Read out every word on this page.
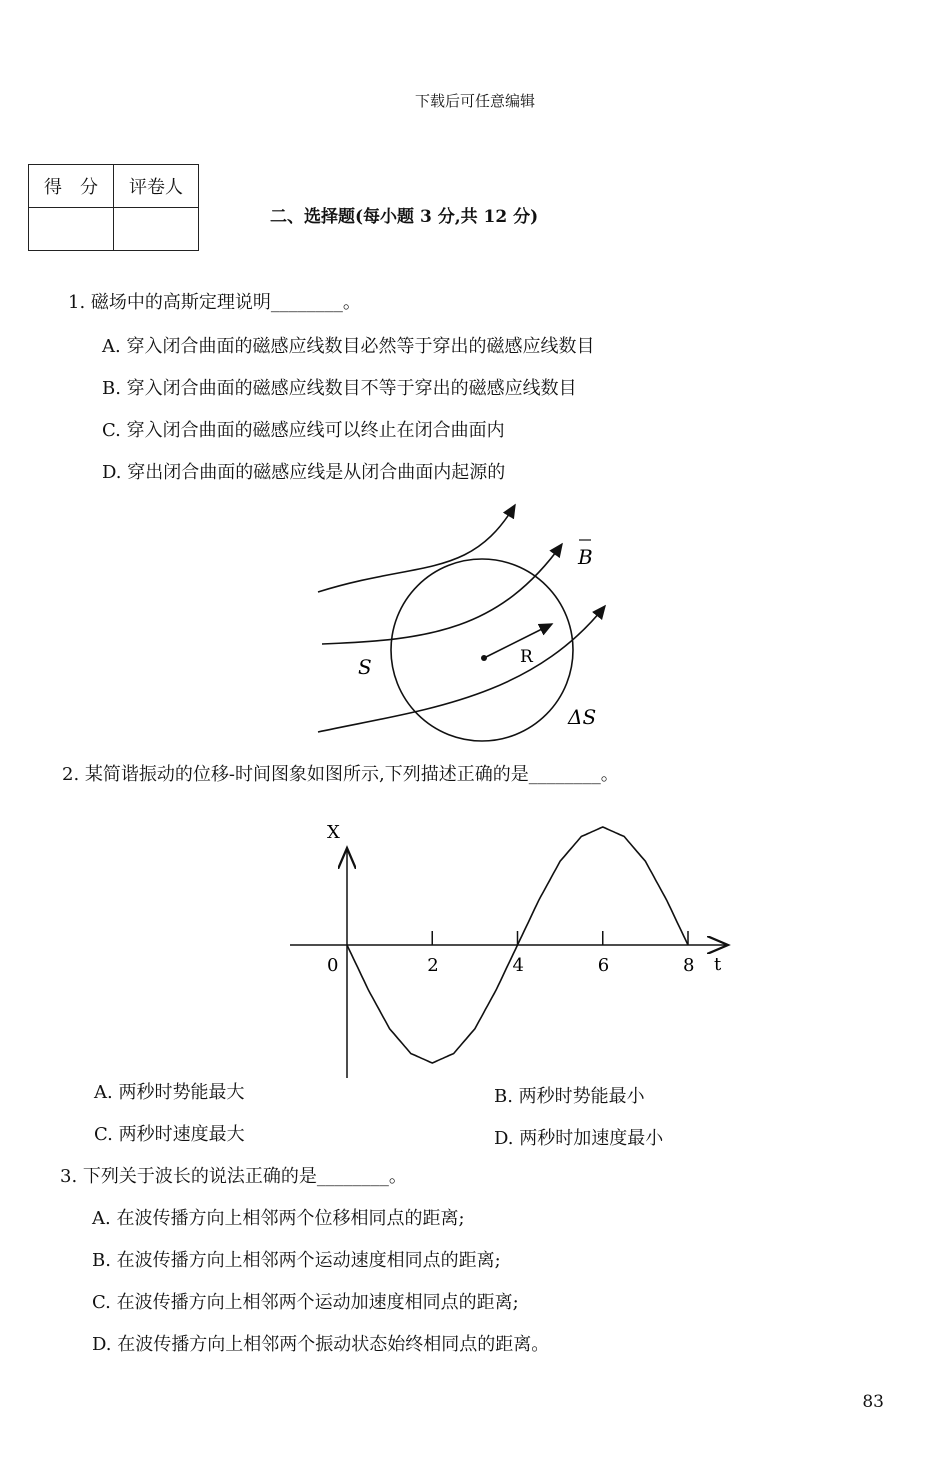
下载后可任意编辑
得　分	评卷人

二、选择题(每小题 3 分,共 12 分)
1. 磁场中的高斯定理说明________。
A. 穿入闭合曲面的磁感应线数目必然等于穿出的磁感应线数目
B. 穿入闭合曲面的磁感应线数目不等于穿出的磁感应线数目
C. 穿入闭合曲面的磁感应线可以终止在闭合曲面内
D. 穿出闭合曲面的磁感应线是从闭合曲面内起源的
B
R
S
ΔS
2. 某简谐振动的位移-时间图象如图所示,下列描述正确的是________。
X
t
0	2	4	6	8
A. 两秒时势能最大	B. 两秒时势能最小
C. 两秒时速度最大	D. 两秒时加速度最小
3. 下列关于波长的说法正确的是________。
A. 在波传播方向上相邻两个位移相同点的距离;
B. 在波传播方向上相邻两个运动速度相同点的距离;
C. 在波传播方向上相邻两个运动加速度相同点的距离;
D. 在波传播方向上相邻两个振动状态始终相同点的距离。
83
